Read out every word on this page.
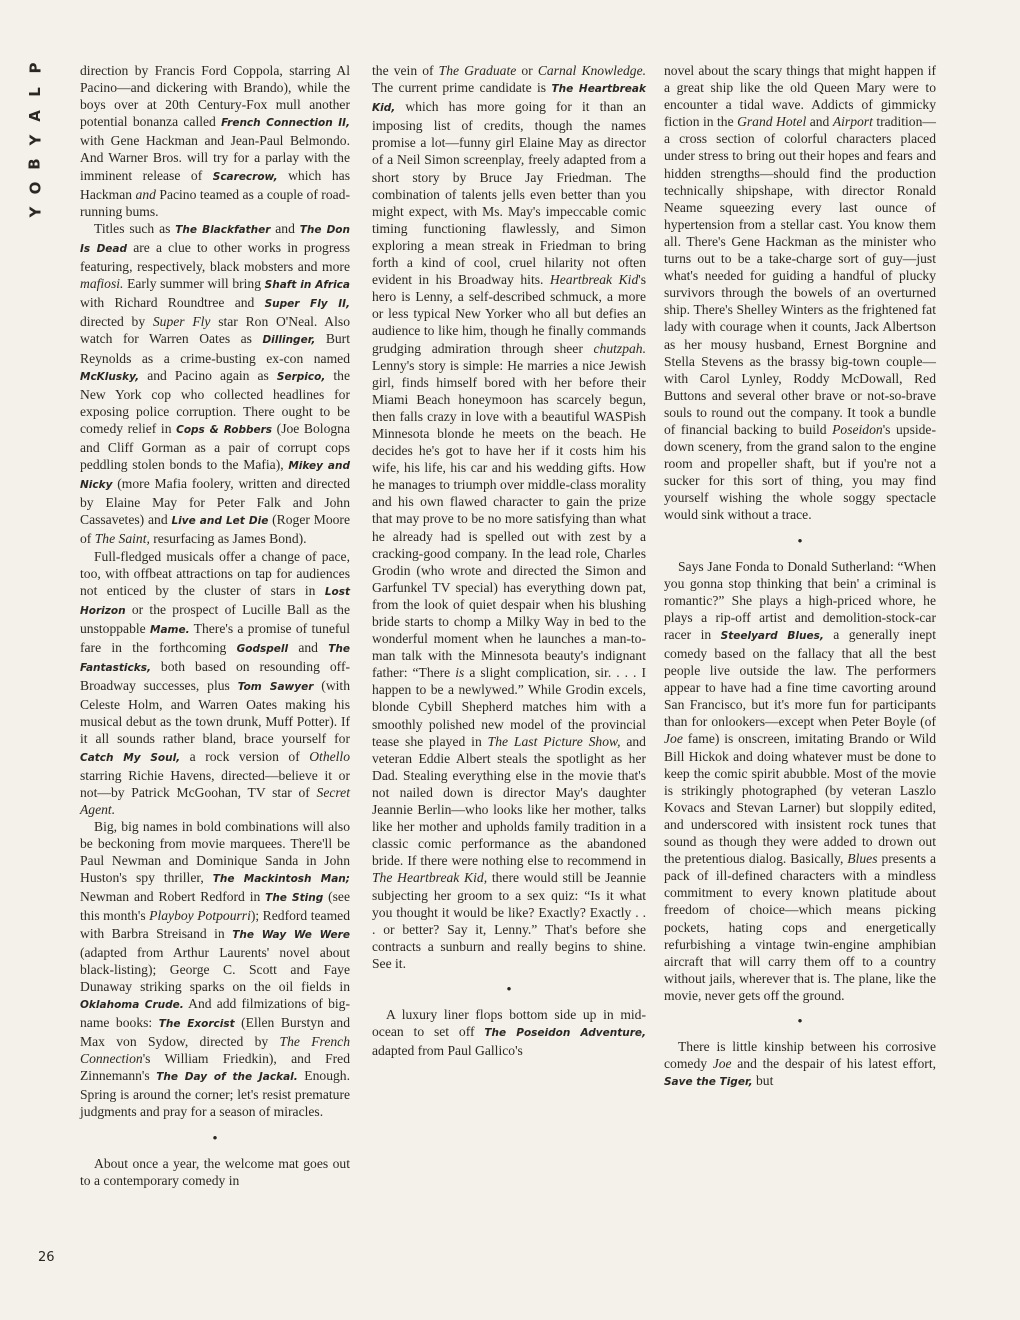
P
L
A
Y
B
O
Y

direction by Francis Ford Coppola, starring Al Pacino—and dickering with Brando), while the boys over at 20th Century-Fox mull another potential bonanza called French Connection II, with Gene Hackman and Jean-Paul Belmondo. And Warner Bros. will try for a parlay with the imminent release of Scarecrow, which has Hackman and Pacino teamed as a couple of road-running bums.

Titles such as The Blackfather and The Don Is Dead are a clue to other works in progress featuring, respectively, black mobsters and more mafiosi. Early summer will bring Shaft in Africa with Richard Roundtree and Super Fly II, directed by Super Fly star Ron O'Neal. Also watch for Warren Oates as Dillinger, Burt Reynolds as a crime-busting ex-con named McKlusky, and Pacino again as Serpico, the New York cop who collected headlines for exposing police corruption. There ought to be comedy relief in Cops & Robbers (Joe Bologna and Cliff Gorman as a pair of corrupt cops peddling stolen bonds to the Mafia), Mikey and Nicky (more Mafia foolery, written and directed by Elaine May for Peter Falk and John Cassavetes) and Live and Let Die (Roger Moore of The Saint, resurfacing as James Bond).

Full-fledged musicals offer a change of pace, too, with offbeat attractions on tap for audiences not enticed by the cluster of stars in Lost Horizon or the prospect of Lucille Ball as the unstoppable Mame. There's a promise of tuneful fare in the forthcoming Godspell and The Fantasticks, both based on resounding off-Broadway successes, plus Tom Sawyer (with Celeste Holm, and Warren Oates making his musical debut as the town drunk, Muff Potter). If it all sounds rather bland, brace yourself for Catch My Soul, a rock version of Othello starring Richie Havens, directed—believe it or not—by Patrick McGoohan, TV star of Secret Agent.

Big, big names in bold combinations will also be beckoning from movie marquees. There'll be Paul Newman and Dominique Sanda in John Huston's spy thriller, The Mackintosh Man; Newman and Robert Redford in The Sting (see this month's Playboy Potpourri); Redford teamed with Barbra Streisand in The Way We Were (adapted from Arthur Laurents' novel about black-listing); George C. Scott and Faye Dunaway striking sparks on the oil fields in Oklahoma Crude. And add filmizations of big-name books: The Exorcist (Ellen Burstyn and Max von Sydow, directed by The French Connection's William Friedkin), and Fred Zinnemann's The Day of the Jackal. Enough. Spring is around the corner; let's resist premature judgments and pray for a season of miracles.

•

About once a year, the welcome mat goes out to a contemporary comedy in

the vein of The Graduate or Carnal Knowledge. The current prime candidate is The Heartbreak Kid, which has more going for it than an imposing list of credits, though the names promise a lot—funny girl Elaine May as director of a Neil Simon screenplay, freely adapted from a short story by Bruce Jay Friedman. The combination of talents jells even better than you might expect, with Ms. May's impeccable comic timing functioning flawlessly, and Simon exploring a mean streak in Friedman to bring forth a kind of cool, cruel hilarity not often evident in his Broadway hits. Heartbreak Kid's hero is Lenny, a self-described schmuck, a more or less typical New Yorker who all but defies an audience to like him, though he finally commands grudging admiration through sheer chutzpah. Lenny's story is simple: He marries a nice Jewish girl, finds himself bored with her before their Miami Beach honeymoon has scarcely begun, then falls crazy in love with a beautiful WASPish Minnesota blonde he meets on the beach. He decides he's got to have her if it costs him his wife, his life, his car and his wedding gifts. How he manages to triumph over middle-class morality and his own flawed character to gain the prize that may prove to be no more satisfying than what he already had is spelled out with zest by a cracking-good company. In the lead role, Charles Grodin (who wrote and directed the Simon and Garfunkel TV special) has everything down pat, from the look of quiet despair when his blushing bride starts to chomp a Milky Way in bed to the wonderful moment when he launches a man-to-man talk with the Minnesota beauty's indignant father: “There is a slight complication, sir. . . . I happen to be a newlywed.” While Grodin excels, blonde Cybill Shepherd matches him with a smoothly polished new model of the provincial tease she played in The Last Picture Show, and veteran Eddie Albert steals the spotlight as her Dad. Stealing everything else in the movie that's not nailed down is director May's daughter Jeannie Berlin—who looks like her mother, talks like her mother and upholds family tradition in a classic comic performance as the abandoned bride. If there were nothing else to recommend in The Heartbreak Kid, there would still be Jeannie subjecting her groom to a sex quiz: “Is it what you thought it would be like? Exactly? Exactly . . . or better? Say it, Lenny.” That's before she contracts a sunburn and really begins to shine. See it.

•

A luxury liner flops bottom side up in mid-ocean to set off The Poseidon Adventure, adapted from Paul Gallico's

novel about the scary things that might happen if a great ship like the old Queen Mary were to encounter a tidal wave. Addicts of gimmicky fiction in the Grand Hotel and Airport tradition—a cross section of colorful characters placed under stress to bring out their hopes and fears and hidden strengths—should find the production technically shipshape, with director Ronald Neame squeezing every last ounce of hypertension from a stellar cast. You know them all. There's Gene Hackman as the minister who turns out to be a take-charge sort of guy—just what's needed for guiding a handful of plucky survivors through the bowels of an overturned ship. There's Shelley Winters as the frightened fat lady with courage when it counts, Jack Albertson as her mousy husband, Ernest Borgnine and Stella Stevens as the brassy big-town couple—with Carol Lynley, Roddy McDowall, Red Buttons and several other brave or not-so-brave souls to round out the company. It took a bundle of financial backing to build Poseidon's upside-down scenery, from the grand salon to the engine room and propeller shaft, but if you're not a sucker for this sort of thing, you may find yourself wishing the whole soggy spectacle would sink without a trace.

•

Says Jane Fonda to Donald Sutherland: “When you gonna stop thinking that bein' a criminal is romantic?” She plays a high-priced whore, he plays a rip-off artist and demolition-stock-car racer in Steelyard Blues, a generally inept comedy based on the fallacy that all the best people live outside the law. The performers appear to have had a fine time cavorting around San Francisco, but it's more fun for participants than for onlookers—except when Peter Boyle (of Joe fame) is onscreen, imitating Brando or Wild Bill Hickok and doing whatever must be done to keep the comic spirit abubble. Most of the movie is strikingly photographed (by veteran Laszlo Kovacs and Stevan Larner) but sloppily edited, and underscored with insistent rock tunes that sound as though they were added to drown out the pretentious dialog. Basically, Blues presents a pack of ill-defined characters with a mindless commitment to every known platitude about freedom of choice—which means picking pockets, hating cops and energetically refurbishing a vintage twin-engine amphibian aircraft that will carry them off to a country without jails, wherever that is. The plane, like the movie, never gets off the ground.

•

There is little kinship between his corrosive comedy Joe and the despair of his latest effort, Save the Tiger, but

26
